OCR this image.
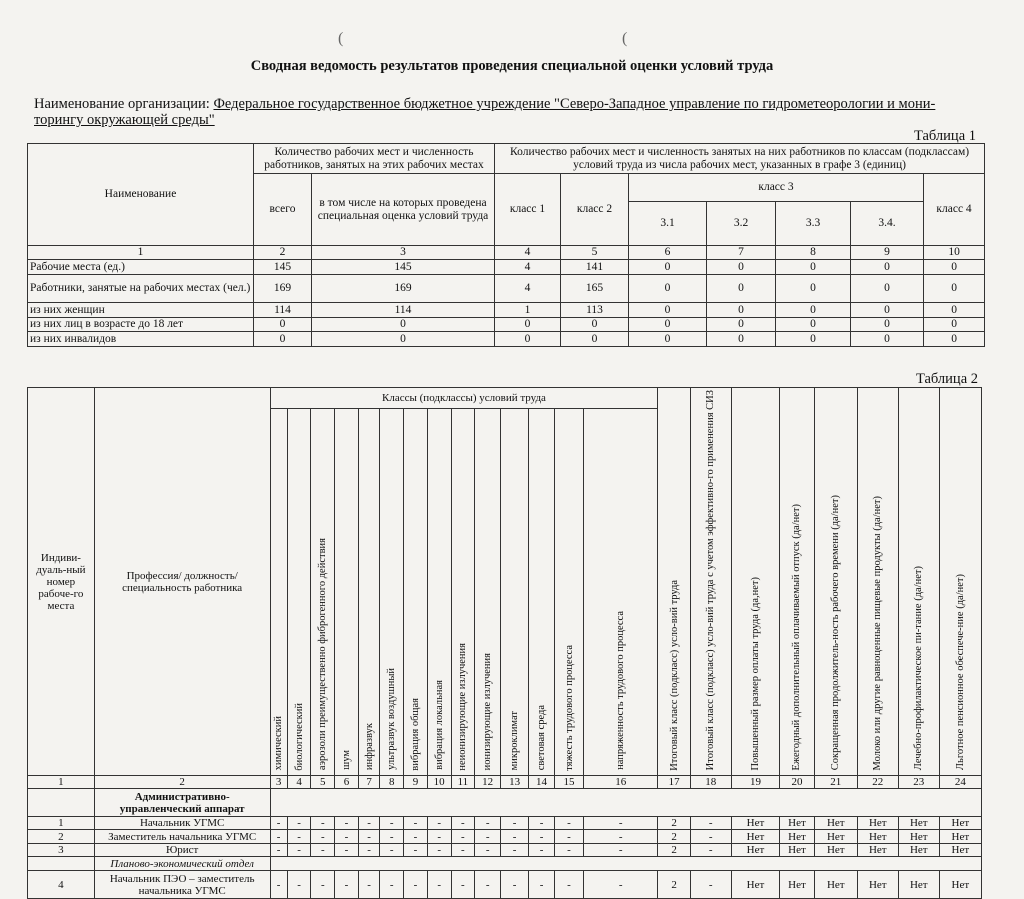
(	(
Сводная ведомость результатов проведения специальной оценки условий труда
Наименование организации: Федеральное государственное бюджетное учреждение "Северо-Западное управление по гидрометеорологии и мони-
торингу окружающей среды"
Таблица 1
Наименование	Количество рабочих мест и численность работников, занятых на этих рабочих местах		Количество рабочих мест и численность занятых на них работников по классам (подклассам) условий труда из числа рабочих мест, указанных в графе 3 (единиц)						
	всего	в том числе на которых проведена специальная оценка условий труда	класс 1	класс 2	класс 3				класс 4
					3.1	3.2	3.3	3.4.	
1	2	3	4	5	6	7	8	9	10
Рабочие места (ед.)	145	145	4	141	0	0	0	0	0
Работники, занятые на рабочих местах (чел.)	169	169	4	165	0	0	0	0	0
из них женщин	114	114	1	113	0	0	0	0	0
из них лиц в возрасте до 18 лет	0	0	0	0	0	0	0	0	0
из них инвалидов	0	0	0	0	0	0	0	0	0
Таблица 2
Индиви-дуаль-ный номер рабоче-го места	Профессия/ должность/ специальность работника	Классы (подклассы) условий труда														Итоговый класс (подкласс) усло-вий труда	Итоговый класс (подкласс) усло-вий труда с учетом эффективно-го применения СИЗ	Повышенный размер оплаты труда (да,нет)	Ежегодный дополнительный оплачиваемый отпуск (да/нет)	Сокращенная продолжитель-ность рабочего времени (да/нет)	Молоко или другие равноценные пищевые продукты (да/нет)	Лечебно-профилактическое пи-тание (да/нет)	Льготное пенсионное обеспече-ние (да/нет)
		химический	биологический	аэрозоли преимущественно фиброгенного действия	шум	инфразвук	ультразвук воздушный	вибрация общая	вибрация локальная	неионизирующие излучения	ионизирующие излучения	микроклимат	световая среда	тяжесть трудового процесса	напряженность трудового процесса								
1	2	3	4	5	6	7	8	9	10	11	12	13	14	15	16	17	18	19	20	21	22	23	24
	Административно-управленческий аппарат																						
1	Начальник УГМС	-	-	-	-	-	-	-	-	-	-	-	-	-	-	2	-	Нет	Нет	Нет	Нет	Нет	Нет
2	Заместитель начальника УГМС	-	-	-	-	-	-	-	-	-	-	-	-	-	-	2	-	Нет	Нет	Нет	Нет	Нет	Нет
3	Юрист	-	-	-	-	-	-	-	-	-	-	-	-	-	-	2	-	Нет	Нет	Нет	Нет	Нет	Нет
	Планово-экономический отдел																						
4	Начальник ПЭО – заместитель начальника УГМС	-	-	-	-	-	-	-	-	-	-	-	-	-	-	2	-	Нет	Нет	Нет	Нет	Нет	Нет
